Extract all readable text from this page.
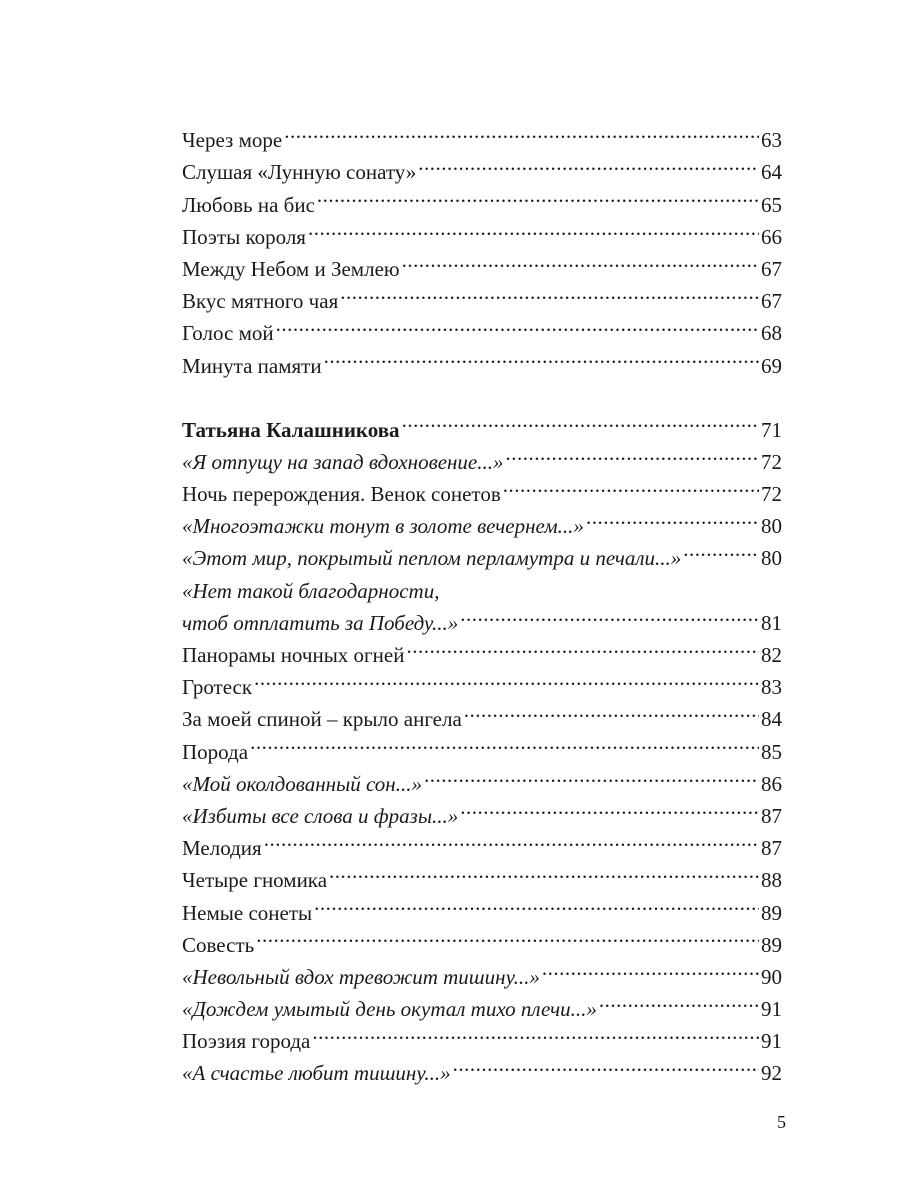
Через море .....	63
Слушая «Лунную сонату» .....	64
Любовь на бис .....	65
Поэты короля .....	66
Между Небом и Землею .....	67
Вкус мятного чая .....	67
Голос мой .....	68
Минута памяти .....	69
Татьяна Калашникова .....	71
«Я отпущу на запад вдохновение...» .....	72
Ночь перерождения. Венок сонетов .....	72
«Многоэтажки тонут в золоте вечернем...» .....	80
«Этот мир, покрытый пеплом перламутра и печали...» .....	80
«Нет такой благодарности,
чтоб отплатить за Победу...» .....	81
Панорамы ночных огней .....	82
Гротеск .....	83
За моей спиной – крыло ангела .....	84
Порода .....	85
«Мой околдованный сон...» .....	86
«Избиты все слова и фразы...» .....	87
Мелодия .....	87
Четыре гномика .....	88
Немые сонеты .....	89
Совесть .....	89
«Невольный вдох тревожит тишину...» .....	90
«Дождем умытый день окутал тихо плечи...» .....	91
Поэзия города .....	91
«А счастье любит тишину...» .....	92
5
